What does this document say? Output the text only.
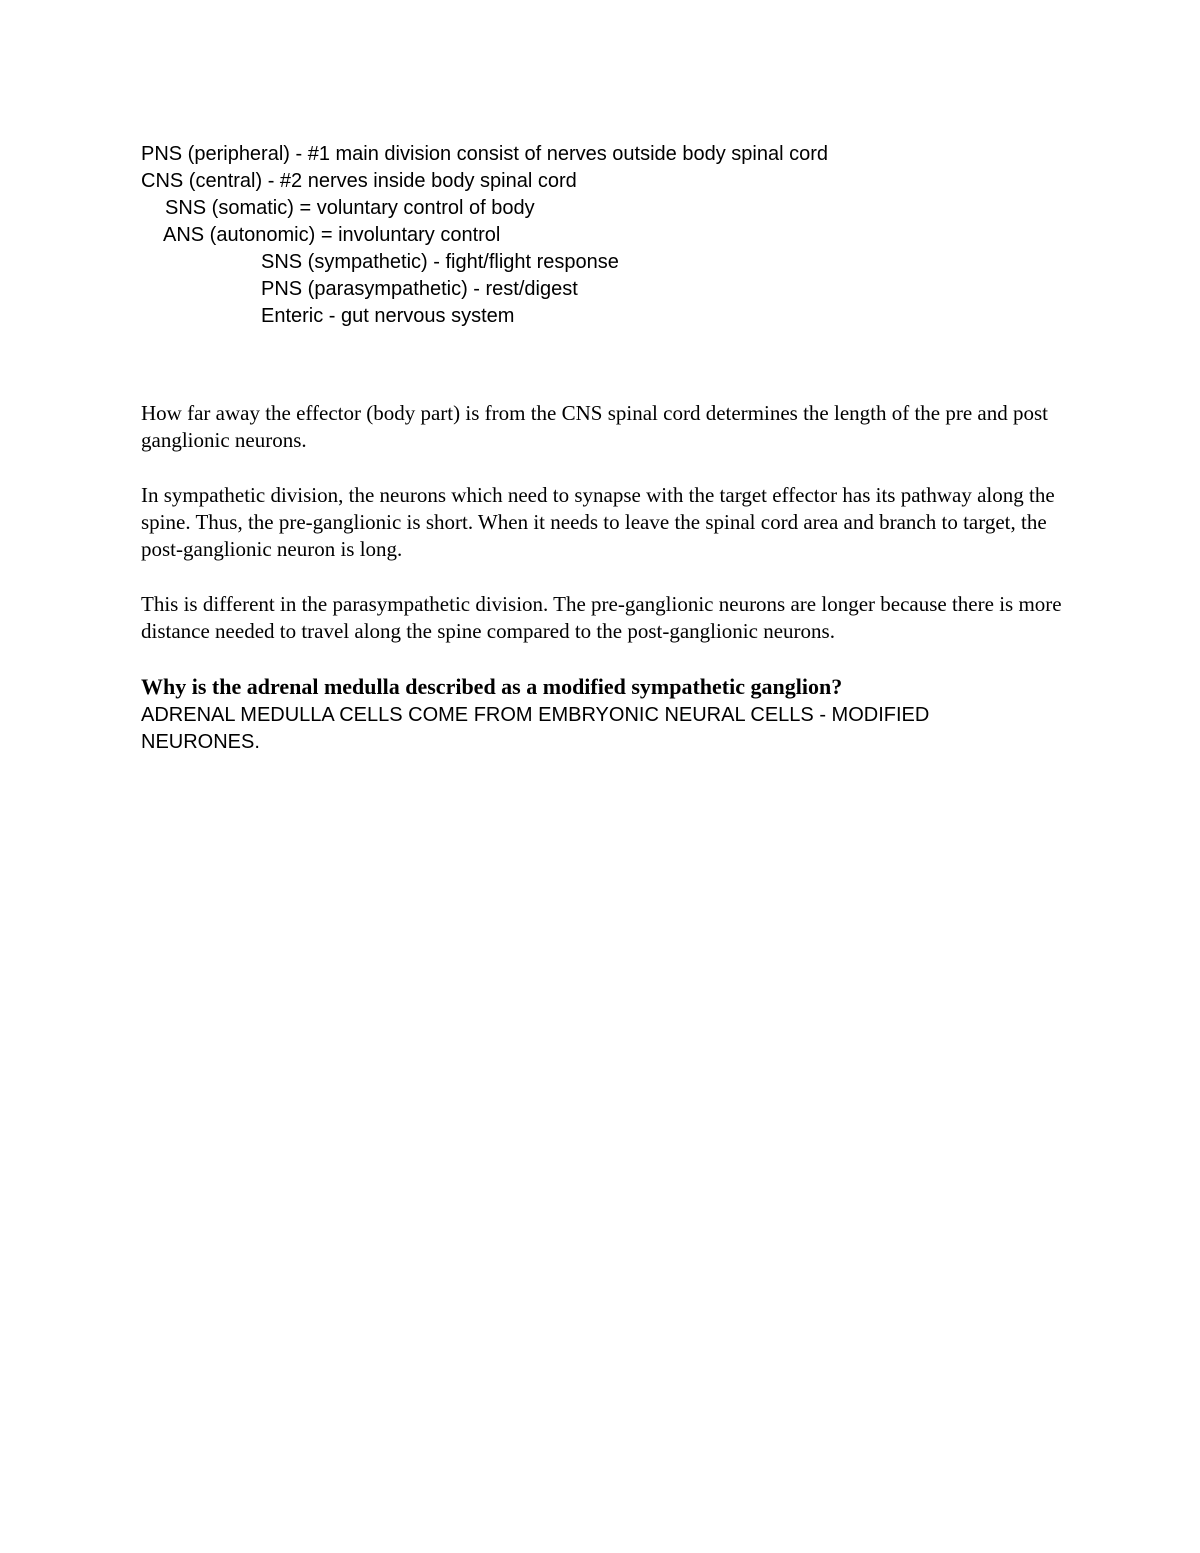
PNS (peripheral) - #1 main division consist of nerves outside body spinal cord

CNS (central) - #2 nerves inside body spinal cord

SNS (somatic) = voluntary control of body

ANS (autonomic) = involuntary control

SNS (sympathetic) - fight/flight response

PNS (parasympathetic) - rest/digest

Enteric - gut nervous system

How far away the effector (body part) is from the CNS spinal cord determines the length of the pre and post ganglionic neurons.

In sympathetic division, the neurons which need to synapse with the target effector has its pathway along the spine. Thus, the pre-ganglionic is short. When it needs to leave the spinal cord area and branch to target, the post-ganglionic neuron is long.

This is different in the parasympathetic division. The pre-ganglionic neurons are longer because there is more distance needed to travel along the spine compared to the post-ganglionic neurons.

Why is the adrenal medulla described as a modified sympathetic ganglion?

ADRENAL MEDULLA CELLS COME FROM EMBRYONIC NEURAL CELLS - MODIFIED NEURONES.
